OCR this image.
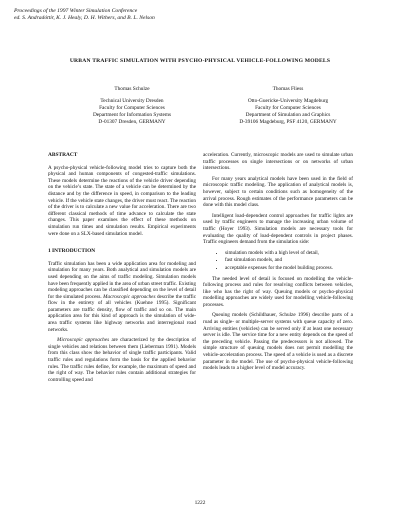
Proceedings of the 1997 Winter Simulation Conference
ed. S. Andradóttir, K. J. Healy, D. H. Withers, and B. L. Nelson
URBAN TRAFFIC SIMULATION WITH PSYCHO-PHYSICAL VEHICLE-FOLLOWING MODELS
Thomas Schulze
Technical University Dresden
Faculty for Computer Sciences
Department for Information Systems
D-01307 Dresden, GERMANY
Thomas Fliess
Otto-Guericke-University Magdeburg
Faculty for Computer Sciences
Department of Simulation and Graphics
D-39106 Magdeburg, PSF 4120, GERMANY
ABSTRACT
A psycho-physical vehicle-following model tries to capture both the physical and human components of congested-traffic simulations. These models determine the reactions of the vehicle driver depending on the vehicle’s state. The state of a vehicle can be determined by the distance and by the difference in speed, in comparison to the leading vehicle. If the vehicle state changes, the driver must react. The reaction of the driver is to calculate a new value for acceleration. There are two different classical methods of time advance to calculate the state changes. This paper examines the effect of these methods on simulation run times and simulation results. Empirical experiments were done on a SLX-based simulation model.
1 INTRODUCTION
Traffic simulation has been a wide application area for modeling and simulation for many years. Both analytical and simulation models are used depending on the aims of traffic modeling. Simulation models have been frequently applied in the area of urban street traffic. Existing modeling approaches can be classified depending on the level of detail for the simulated process. Macroscopic approaches describe the traffic flow in the entirety of all vehicles (Kuehne 1995). Significant parameters are traffic density, flow of traffic and so on. The main application area for this kind of approach is the simulation of wide-area traffic systems like highway networks and interregional road networks.
Microscopic approaches are characterized by the description of single vehicles and relations between them (Lieberman 1991). Models from this class show the behavior of single traffic participants. Valid traffic rules and regulations form the basis for the applied behavior rules. The traffic rules define, for example, the maximum of speed and the right of way. The behavior rules contain additional strategies for controlling speed and
acceleration. Currently, microscopic models are used to simulate urban traffic processes on single intersections or on networks of urban intersections.
For many years analytical models have been used in the field of microscopic traffic modeling. The application of analytical models is, however, subject to certain conditions such as homogeneity of the arrival process. Rough estimates of the performance parameters can be done with this model class.
Intelligent load-dependent control approaches for traffic lights are used by traffic engineers to manage the increasing urban volume of traffic (Hoyer 1993). Simulation models are necessary tools for evaluating the quality of load-dependent controls in project phases. Traffic engineers demand from the simulation side:
• simulation models with a high level of detail,
• fast simulation models, and
• acceptable expenses for the model building process.
The needed level of detail is focused on modelling the vehicle-following process and rules for resolving conflicts between vehicles, like who has the right of way. Queuing models or psycho-physical modelling approaches are widely used for modelling vehicle-following processes.
Queuing models (Schildhauer, Schulze 1996) describe parts of a road as single- or multiple-server systems with queue capacity of zero. Arriving entities (vehicles) can be served only if at least one necessary server is idle. The service time for a new entity depends on the speed of the preceding vehicle. Passing the predecessors is not allowed. The simple structure of queuing models does not permit modelling the vehicle-acceleration process. The speed of a vehicle is used as a discrete parameter in the model. The use of psycho-physical vehicle-following models leads to a higher level of model accuracy.
1222
